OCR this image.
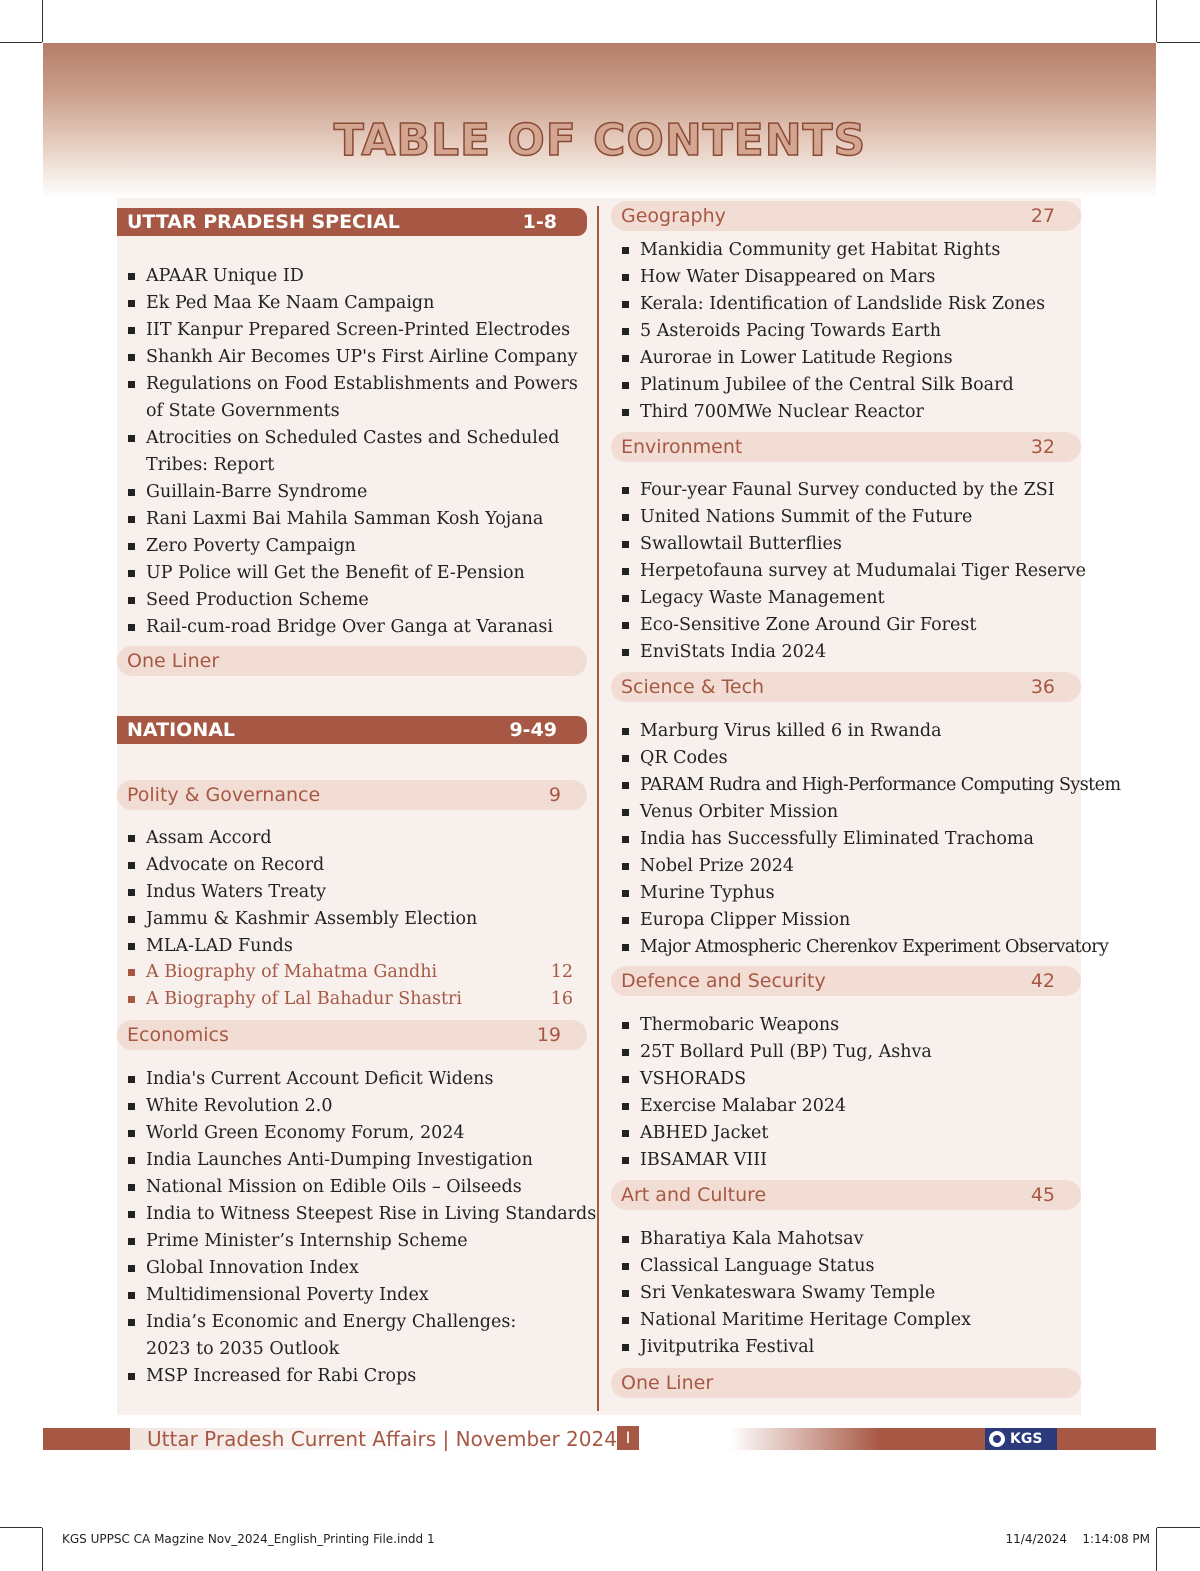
TABLE OF CONTENTS
UTTAR PRADESH SPECIAL	1-8
APAAR Unique ID
Ek Ped Maa Ke Naam Campaign
IIT Kanpur Prepared Screen-Printed Electrodes
Shankh Air Becomes UP's First Airline Company
Regulations on Food Establishments and Powers of State Governments
Atrocities on Scheduled Castes and Scheduled Tribes: Report
Guillain-Barre Syndrome
Rani Laxmi Bai Mahila Samman Kosh Yojana
Zero Poverty Campaign
UP Police will Get the Benefit of E-Pension
Seed Production Scheme
Rail-cum-road Bridge Over Ganga at Varanasi
One Liner
NATIONAL	9-49
Polity & Governance	9
Assam Accord
Advocate on Record
Indus Waters Treaty
Jammu & Kashmir Assembly Election
MLA-LAD Funds
A Biography of Mahatma Gandhi	12
A Biography of Lal Bahadur Shastri	16
Economics	19
India's Current Account Deficit Widens
White Revolution 2.0
World Green Economy Forum, 2024
India Launches Anti-Dumping Investigation
National Mission on Edible Oils – Oilseeds
India to Witness Steepest Rise in Living Standards
Prime Minister’s Internship Scheme
Global Innovation Index
Multidimensional Poverty Index
India’s Economic and Energy Challenges: 2023 to 2035 Outlook
MSP Increased for Rabi Crops
Geography	27
Mankidia Community get Habitat Rights
How Water Disappeared on Mars
Kerala: Identification of Landslide Risk Zones
5 Asteroids Pacing Towards Earth
Aurorae in Lower Latitude Regions
Platinum Jubilee of the Central Silk Board
Third 700MWe Nuclear Reactor
Environment	32
Four-year Faunal Survey conducted by the ZSI
United Nations Summit of the Future
Swallowtail Butterflies
Herpetofauna survey at Mudumalai Tiger Reserve
Legacy Waste Management
Eco-Sensitive Zone Around Gir Forest
EnviStats India 2024
Science & Tech	36
Marburg Virus killed 6 in Rwanda
QR Codes
PARAM Rudra and High-Performance Computing System
Venus Orbiter Mission
India has Successfully Eliminated Trachoma
Nobel Prize 2024
Murine Typhus
Europa Clipper Mission
Major Atmospheric Cherenkov Experiment Observatory
Defence and Security	42
Thermobaric Weapons
25T Bollard Pull (BP) Tug, Ashva
VSHORADS
Exercise Malabar 2024
ABHED Jacket
IBSAMAR VIII
Art and Culture	45
Bharatiya Kala Mahotsav
Classical Language Status
Sri Venkateswara Swamy Temple
National Maritime Heritage Complex
Jivitputrika Festival
One Liner
Uttar Pradesh Current Affairs | November 2024 I	KGS
KGS UPPSC CA Magzine Nov_2024_English_Printing File.indd 1	11/4/2024 1:14:08 PM
